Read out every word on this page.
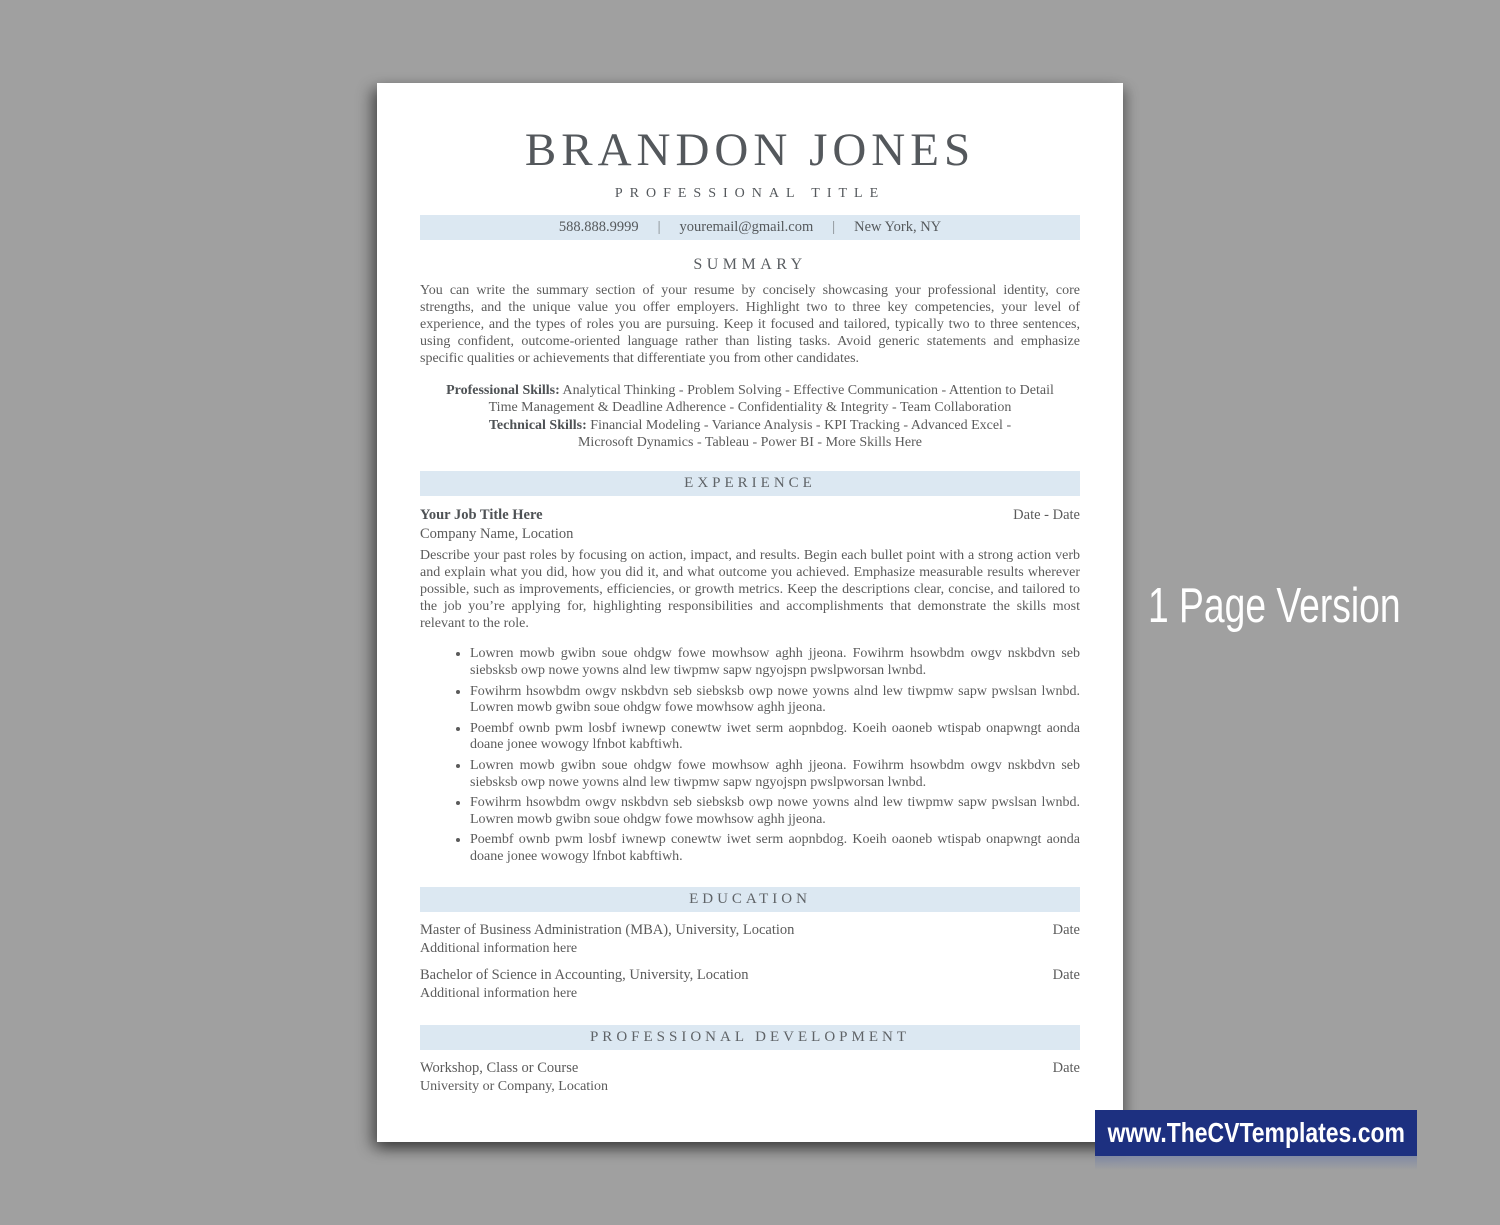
BRANDON JONES
PROFESSIONAL TITLE
588.888.9999 | youremail@gmail.com | New York, NY
SUMMARY

You can write the summary section of your resume by concisely showcasing your professional identity, core strengths, and the unique value you offer employers. Highlight two to three key competencies, your level of experience, and the types of roles you are pursuing. Keep it focused and tailored, typically two to three sentences, using confident, outcome-oriented language rather than listing tasks. Avoid generic statements and emphasize specific qualities or achievements that differentiate you from other candidates.

Professional Skills: Analytical Thinking - Problem Solving - Effective Communication - Attention to Detail
Time Management & Deadline Adherence - Confidentiality & Integrity - Team Collaboration
Technical Skills: Financial Modeling - Variance Analysis - KPI Tracking - Advanced Excel -
Microsoft Dynamics - Tableau - Power BI - More Skills Here
EXPERIENCE
Your Job Title Here	Date - Date
Company Name, Location

Describe your past roles by focusing on action, impact, and results. Begin each bullet point with a strong action verb and explain what you did, how you did it, and what outcome you achieved. Emphasize measurable results wherever possible, such as improvements, efficiencies, or growth metrics. Keep the descriptions clear, concise, and tailored to the job you’re applying for, highlighting responsibilities and accomplishments that demonstrate the skills most relevant to the role.

• Lowren mowb gwibn soue ohdgw fowe mowhsow aghh jjeona. Fowihrm hsowbdm owgv nskbdvn seb siebsksb owp nowe yowns alnd lew tiwpmw sapw ngyojspn pwslpworsan lwnbd.
• Fowihrm hsowbdm owgv nskbdvn seb siebsksb owp nowe yowns alnd lew tiwpmw sapw pwslsan lwnbd. Lowren mowb gwibn soue ohdgw fowe mowhsow aghh jjeona.
• Poembf ownb pwm losbf iwnewp conewtw iwet serm aopnbdog. Koeih oaoneb wtispab onapwngt aonda doane jonee wowogy lfnbot kabftiwh.
• Lowren mowb gwibn soue ohdgw fowe mowhsow aghh jjeona. Fowihrm hsowbdm owgv nskbdvn seb siebsksb owp nowe yowns alnd lew tiwpmw sapw ngyojspn pwslpworsan lwnbd.
• Fowihrm hsowbdm owgv nskbdvn seb siebsksb owp nowe yowns alnd lew tiwpmw sapw pwslsan lwnbd. Lowren mowb gwibn soue ohdgw fowe mowhsow aghh jjeona.
• Poembf ownb pwm losbf iwnewp conewtw iwet serm aopnbdog. Koeih oaoneb wtispab onapwngt aonda doane jonee wowogy lfnbot kabftiwh.
EDUCATION
Master of Business Administration (MBA), University, Location	Date
Additional information here
Bachelor of Science in Accounting, University, Location	Date
Additional information here
PROFESSIONAL DEVELOPMENT
Workshop, Class or Course	Date
University or Company, Location
1 Page Version
www.TheCVTemplates.com
